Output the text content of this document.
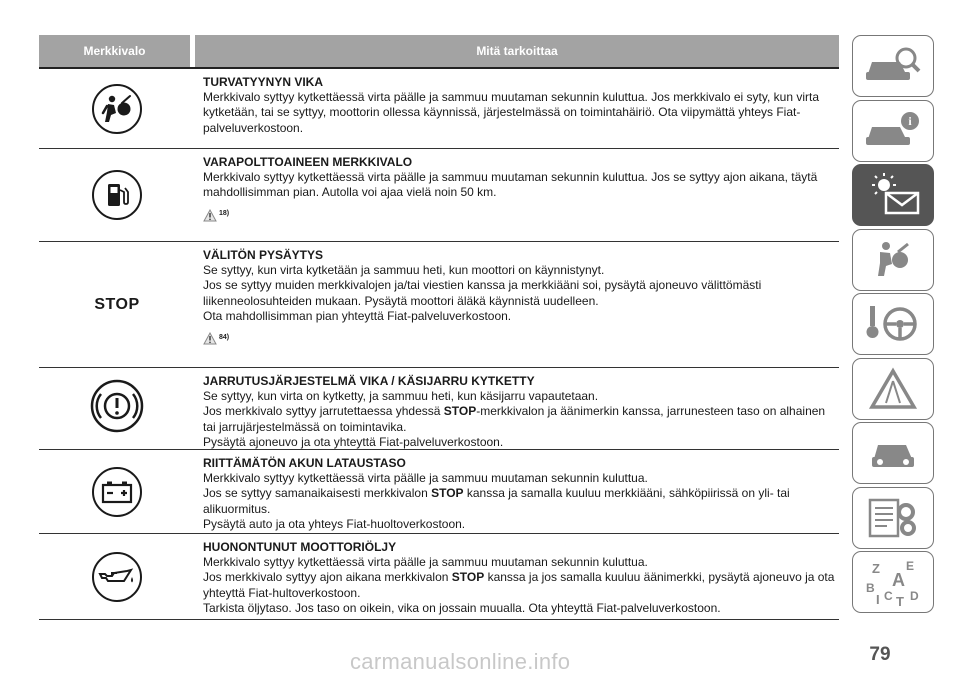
Merkkivalo	Mitä tarkoittaa
TURVATYYNYN VIKA

Merkkivalo syttyy kytkettäessä virta päälle ja sammuu muutaman sekunnin kuluttua. Jos merkkivalo ei syty, kun virta kytketään, tai se syttyy, moottorin ollessa käynnissä, järjestelmässä on toimintahäiriö. Ota viipymättä yhteys Fiat-palveluverkostoon.

VARAPOLTTOAINEEN MERKKIVALO

Merkkivalo syttyy kytkettäessä virta päälle ja sammuu muutaman sekunnin kuluttua. Jos se syttyy ajon aikana, täytä mahdollisimman pian. Autolla voi ajaa vielä noin 50 km.

18)
STOP
VÄLITÖN PYSÄYTYS

Se syttyy, kun virta kytketään ja sammuu heti, kun moottori on käynnistynyt.

Jos se syttyy muiden merkkivalojen ja/tai viestien kanssa ja merkkiääni soi, pysäytä ajoneuvo välittömästi liikenneolosuhteiden mukaan. Pysäytä moottori äläkä käynnistä uudelleen.

Ota mahdollisimman pian yhteyttä Fiat-palveluverkostoon.

84)
JARRUTUSJÄRJESTELMÄ VIKA / KÄSIJARRU KYTKETTY

Se syttyy, kun virta on kytketty, ja sammuu heti, kun käsijarru vapautetaan.

Jos merkkivalo syttyy jarrutettaessa yhdessä STOP-merkkivalon ja äänimerkin kanssa, jarrunesteen taso on alhainen tai jarrujärjestelmässä on toimintavika.

Pysäytä ajoneuvo ja ota yhteyttä Fiat-palveluverkostoon.

RIITTÄMÄTÖN AKUN LATAUSTASO

Merkkivalo syttyy kytkettäessä virta päälle ja sammuu muutaman sekunnin kuluttua.

Jos se syttyy samanaikaisesti merkkivalon STOP kanssa ja samalla kuuluu merkkiääni, sähköpiirissä on yli- tai alikuormitus.

Pysäytä auto ja ota yhteys Fiat-huoltoverkostoon.

HUONONTUNUT MOOTTORIÖLJY

Merkkivalo syttyy kytkettäessä virta päälle ja sammuu muutaman sekunnin kuluttua.

Jos merkkivalo syttyy ajon aikana merkkivalon STOP kanssa ja jos samalla kuuluu äänimerkki, pysäytä ajoneuvo ja ota yhteyttä Fiat-hultoverkostoon.

Tarkista öljytaso. Jos taso on oikein, vika on jossain muualla. Ota yhteyttä Fiat-palveluverkostoon.

i
Z E
A
B
I C T D
79
carmanualsonline.info
